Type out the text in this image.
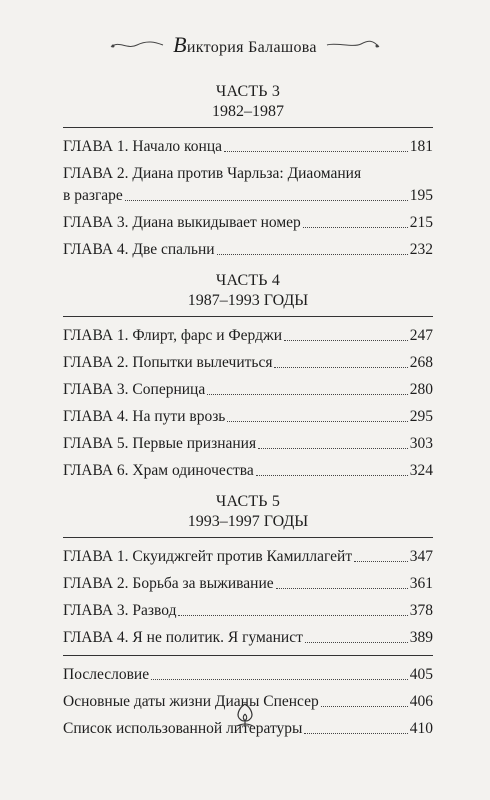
Виктория Балашова

ЧАСТЬ 3

1982–1987

ГЛАВА 1. Начало конца	181
ГЛАВА 2. Диана против Чарльза: Диаомания
в разгаре	195
ГЛАВА 3. Диана выкидывает номер	215
ГЛАВА 4. Две спальни	232

ЧАСТЬ 4

1987–1993 ГОДЫ

ГЛАВА 1. Флирт, фарс и Ферджи	247
ГЛАВА 2. Попытки вылечиться	268
ГЛАВА 3. Соперница	280
ГЛАВА 4. На пути врозь	295
ГЛАВА 5. Первые признания	303
ГЛАВА 6. Храм одиночества	324

ЧАСТЬ 5

1993–1997 ГОДЫ

ГЛАВА 1. Скуиджгейт против Камиллагейт	347
ГЛАВА 2. Борьба за выживание	361
ГЛАВА 3. Развод	378
ГЛАВА 4. Я не политик. Я гуманист	389
Послесловие	405
Основные даты жизни Дианы Спенсер	406
Список использованной литературы	410
